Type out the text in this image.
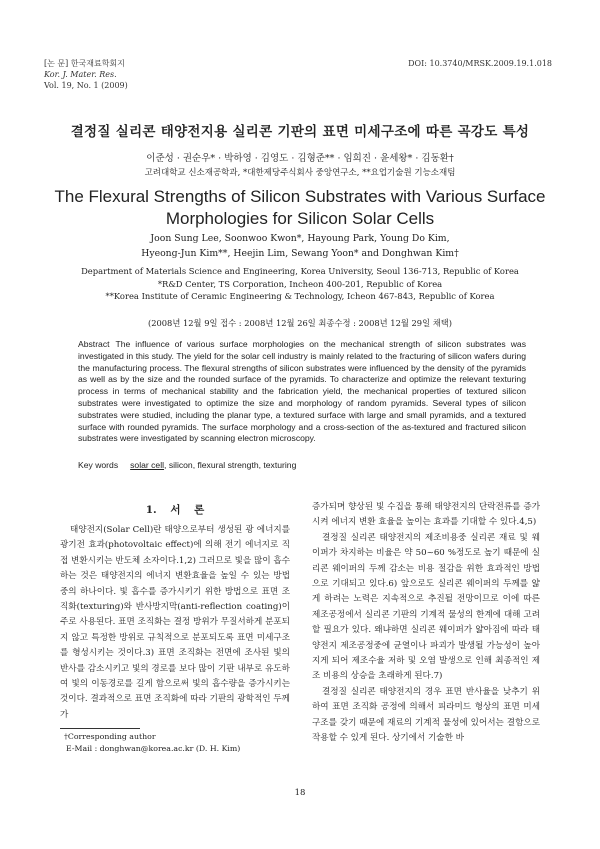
[논 문] 한국재료학회지
Kor. J. Mater. Res.
Vol. 19, No. 1 (2009)
DOI: 10.3740/MRSK.2009.19.1.018
결정질 실리콘 태양전지용 실리콘 기판의 표면 미세구조에 따른 곡강도 특성
이준성 · 권순우* · 박하영 · 김영도 · 김형준** · 임희진 · 윤세왕* · 김동환†
고려대학교 신소재공학과, *대한제당주식회사 중앙연구소, **요업기술원 기능소재팀
The Flexural Strengths of Silicon Substrates with Various Surface
Morphologies for Silicon Solar Cells
Joon Sung Lee, Soonwoo Kwon*, Hayoung Park, Young Do Kim,
Hyeong-Jun Kim**, Heejin Lim, Sewang Yoon* and Donghwan Kim†
Department of Materials Science and Engineering, Korea University, Seoul 136-713, Republic of Korea
*R&D Center, TS Corporation, Incheon 400-201, Republic of Korea
**Korea Institute of Ceramic Engineering & Technology, Icheon 467-843, Republic of Korea
(2008년 12월 9일 접수 : 2008년 12월 26일 최종수정 : 2008년 12월 29일 채택)
Abstract The influence of various surface morphologies on the mechanical strength of silicon substrates was investigated in this study. The yield for the solar cell industry is mainly related to the fracturing of silicon wafers during the manufacturing process. The flexural strengths of silicon substrates were influenced by the density of the pyramids as well as by the size and the rounded surface of the pyramids. To characterize and optimize the relevant texturing process in terms of mechanical stability and the fabrication yield, the mechanical properties of textured silicon substrates were investigated to optimize the size and morphology of random pyramids. Several types of silicon substrates were studied, including the planar type, a textured surface with large and small pyramids, and a textured surface with rounded pyramids. The surface morphology and a cross-section of the as-textured and fractured silicon substrates were investigated by scanning electron microscopy.
Key words solar cell, silicon, flexural strength, texturing
1. 서 론

태양전지(Solar Cell)란 태양으로부터 생성된 광 에너지를 광기전 효과(photovoltaic effect)에 의해 전기 에너지로 직접 변환시키는 반도체 소자이다.1,2) 그러므로 빛을 많이 흡수하는 것은 태양전지의 에너지 변환효율을 높일 수 있는 방법 중의 하나이다. 빛 흡수를 증가시키기 위한 방법으로 표면 조직화(texturing)와 반사방지막(anti-reflection coating)이 주로 사용된다. 표면 조직화는 결정 방위가 무질서하게 분포되지 않고 특정한 방위로 규칙적으로 분포되도록 표면 미세구조를 형성시키는 것이다.3) 표면 조직화는 전면에 조사된 빛의 반사를 감소시키고 빛의 경로를 보다 많이 기판 내부로 유도하여 빛의 이동경로를 길게 함으로써 빛의 흡수량을 증가시키는 것이다. 결과적으로 표면 조직화에 따라 기판의 광학적인 두께가

증가되며 향상된 빛 수집을 통해 태양전지의 단락전류를 증가시켜 에너지 변환 효율을 높이는 효과를 기대할 수 있다.4,5)

결정질 실리콘 태양전지의 제조비용중 실리콘 재료 및 웨이퍼가 차지하는 비율은 약 50~60 %정도로 높기 때문에 실리콘 웨이퍼의 두께 감소는 비용 절감을 위한 효과적인 방법으로 기대되고 있다.6) 앞으로도 실리콘 웨이퍼의 두께를 얇게 하려는 노력은 지속적으로 추진될 전망이므로 이에 따른 제조공정에서 실리콘 기판의 기계적 물성의 한계에 대해 고려할 필요가 있다. 왜냐하면 실리콘 웨이퍼가 얇아짐에 따라 태양전지 제조공정중에 균열이나 파괴가 발생될 가능성이 높아지게 되어 제조수율 저하 및 오염 발생으로 인해 최종적인 제조 비용의 상승을 초래하게 된다.7)

결정질 실리콘 태양전지의 경우 표면 반사율을 낮추기 위하여 표면 조직화 공정에 의해서 피라미드 형상의 표면 미세구조를 갖기 때문에 재료의 기계적 물성에 있어서는 결함으로 작용할 수 있게 된다. 상기에서 기술한 바

†Corresponding author
E-Mail : donghwan@korea.ac.kr (D. H. Kim)
18
